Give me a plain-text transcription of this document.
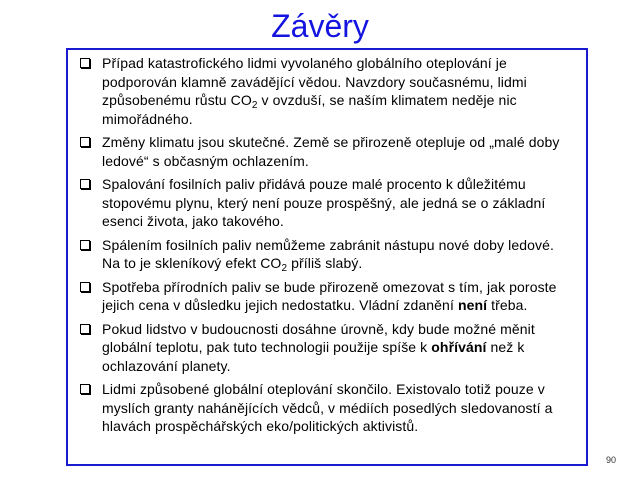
Závěry
Případ katastrofického lidmi vyvolaného globálního oteplování je podporován klamně zavádějící vědou. Navzdory současnému, lidmi způsobenému růstu $CO_2$ v ovzduší, se naším klimatem neděje nic mimořádného.
Změny klimatu jsou skutečné. Země se přirozeně otepluje od „malé doby ledové“ s občasným ochlazením.
Spalování fosilních paliv přidává pouze malé procento k důležitému stopovému plynu, který není pouze prospěšný, ale jedná se o základní esenci života, jako takového.
Spálením fosilních paliv nemůžeme zabránit nástupu nové doby ledové. Na to je skleníkový efekt $CO_2$ příliš slabý.
Spotřeba přírodních paliv se bude přirozeně omezovat s tím, jak poroste jejich cena v důsledku jejich nedostatku. Vládní zdanění není třeba.
Pokud lidstvo v budoucnosti dosáhne úrovně, kdy bude možné měnit globální teplotu, pak tuto technologii použije spíše k ohřívání než k ochlazování planety.
Lidmi způsobené globální oteplování skončilo. Existovalo totiž pouze v myslích granty nahánějících vědců, v médiích posedlých sledovaností a hlavách prospěchářských eko/politických aktivistů.
90
